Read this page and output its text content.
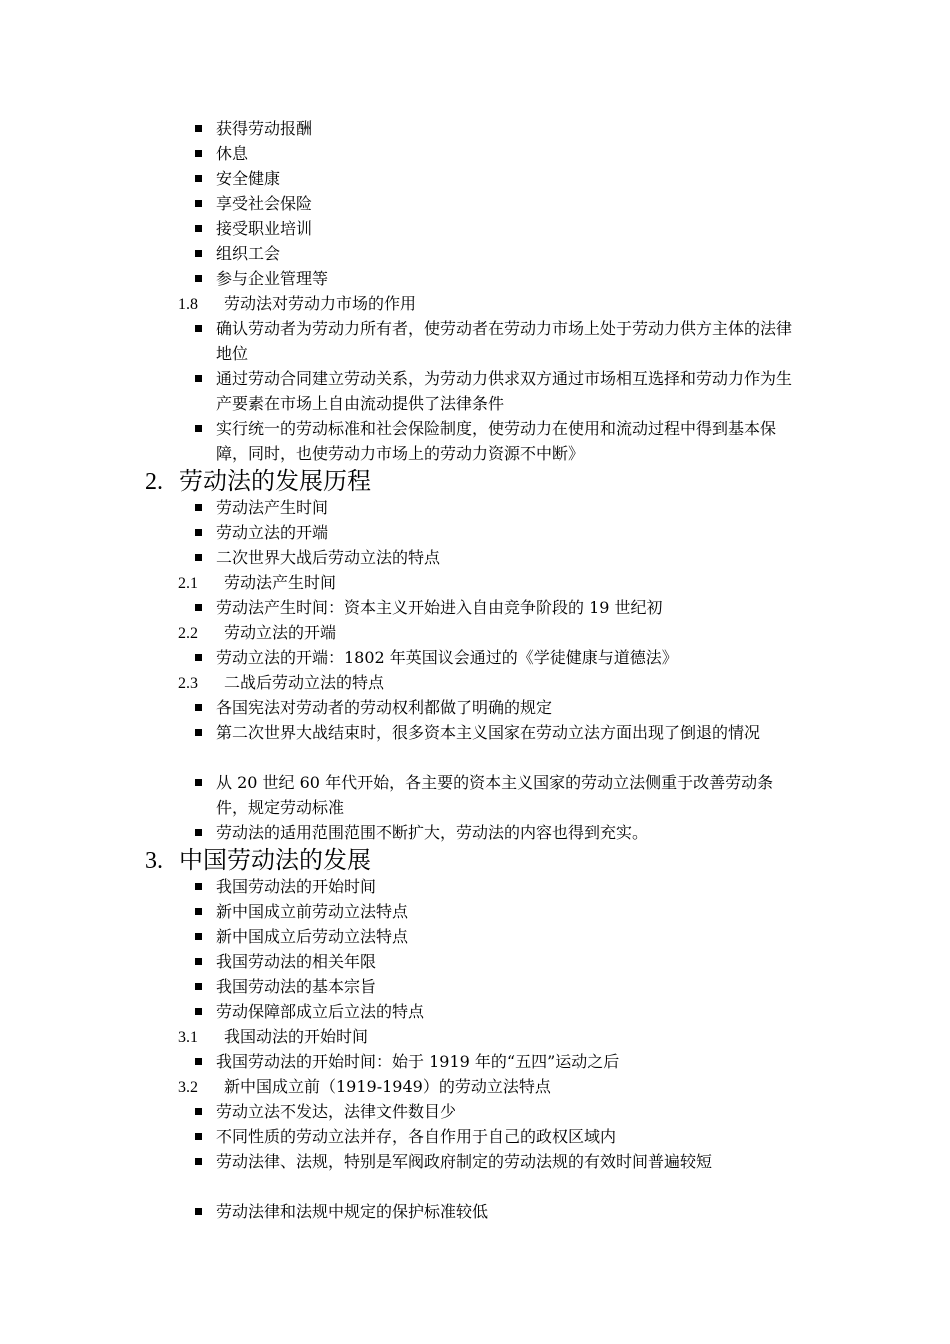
获得劳动报酬
休息
安全健康
享受社会保险
接受职业培训
组织工会
参与企业管理等
1.8 劳动法对劳动力市场的作用
确认劳动者为劳动力所有者，使劳动者在劳动力市场上处于劳动力供方主体的法律地位
通过劳动合同建立劳动关系，为劳动力供求双方通过市场相互选择和劳动力作为生产要素在市场上自由流动提供了法律条件
实行统一的劳动标准和社会保险制度，使劳动力在使用和流动过程中得到基本保障，同时，也使劳动力市场上的劳动力资源不中断》
2. 劳动法的发展历程
劳动法产生时间
劳动立法的开端
二次世界大战后劳动立法的特点
2.1 劳动法产生时间
劳动法产生时间：资本主义开始进入自由竞争阶段的 19 世纪初
2.2 劳动立法的开端
劳动立法的开端：1802 年英国议会通过的《学徒健康与道德法》
2.3 二战后劳动立法的特点
各国宪法对劳动者的劳动权利都做了明确的规定
第二次世界大战结束时，很多资本主义国家在劳动立法方面出现了倒退的情况
从 20 世纪 60 年代开始，各主要的资本主义国家的劳动立法侧重于改善劳动条件，规定劳动标准
劳动法的适用范围范围不断扩大，劳动法的内容也得到充实。
3. 中国劳动法的发展
我国劳动法的开始时间
新中国成立前劳动立法特点
新中国成立后劳动立法特点
我国劳动法的相关年限
我国劳动法的基本宗旨
劳动保障部成立后立法的特点
3.1 我国动法的开始时间
我国劳动法的开始时间：始于 1919 年的“五四”运动之后
3.2 新中国成立前（1919-1949）的劳动立法特点
劳动立法不发达，法律文件数目少
不同性质的劳动立法并存，各自作用于自己的政权区域内
劳动法律、法规，特别是军阀政府制定的劳动法规的有效时间普遍较短
劳动法律和法规中规定的保护标准较低
